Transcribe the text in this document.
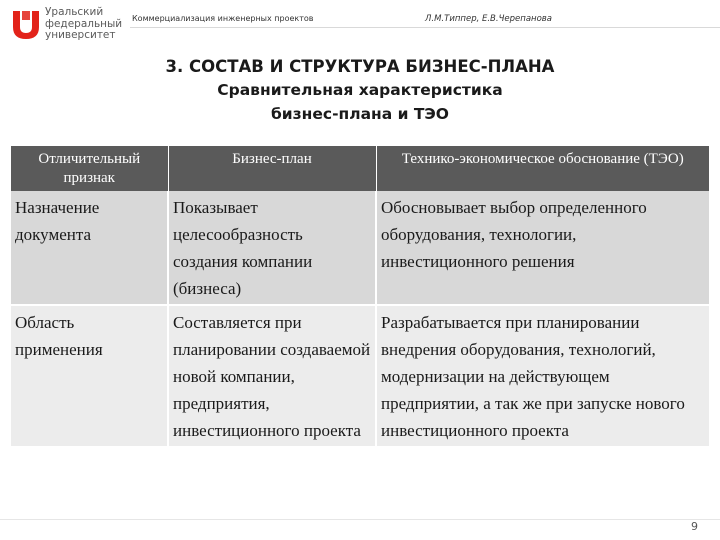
Уральский
федеральный
университет
Коммерциализация инженерных проектов	Л.М.Типпер, Е.В.Черепанова
3. СОСТАВ И СТРУКТУРА БИЗНЕС-ПЛАНА
Сравнительная характеристика
бизнес-плана и ТЭО
Отличительный признак	Бизнес-план	Технико-экономическое обоснование (ТЭО)
Назначение документа	Показывает целесообразность создания компании (бизнеса)	Обосновывает выбор определенного оборудования, технологии, инвестиционного решения
Область применения	Составляется при планировании создаваемой новой компании, предприятия, инвестиционного проекта	Разрабатывается при планировании внедрения оборудования, технологий, модернизации на действующем предприятии, а так же при запуске нового инвестиционного проекта
9
